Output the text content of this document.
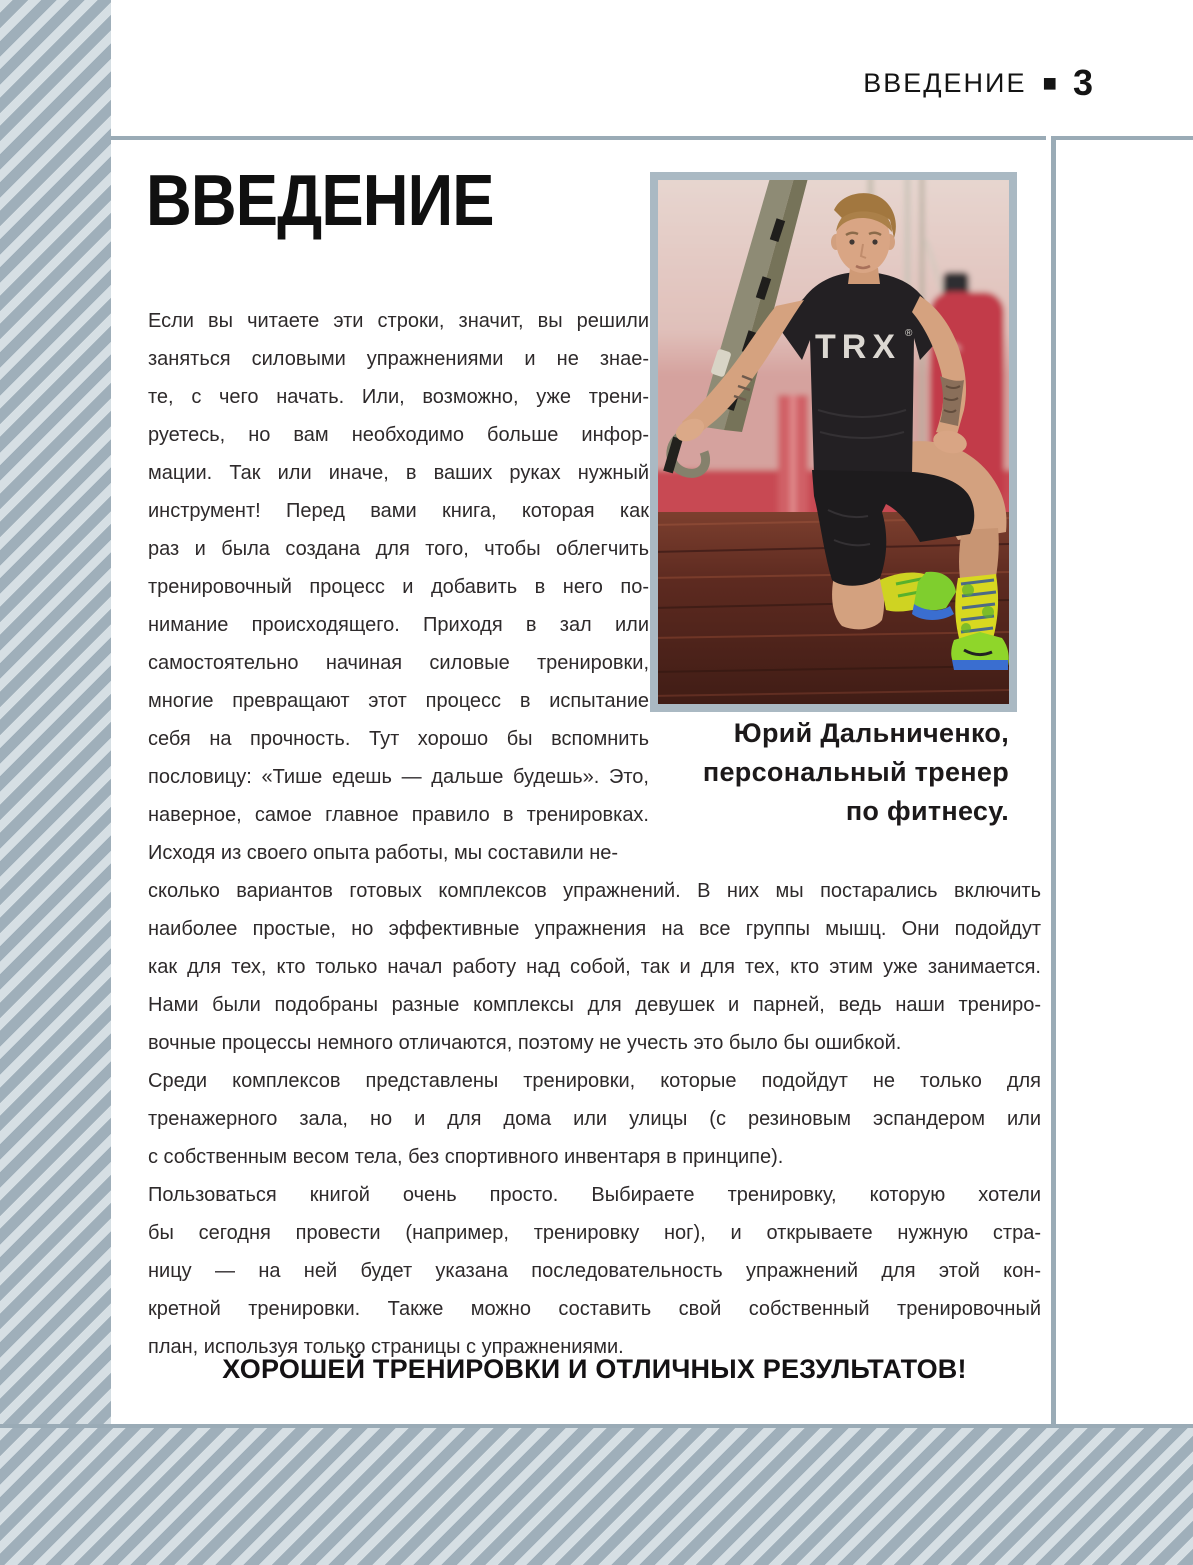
ВВЕДЕНИЕ ■ 3
ВВЕДЕНИЕ
TRX ®
Юрий Дальниченко,
персональный тренер
по фитнесу.
Если вы читаете эти строки, значит, вы решили
заняться силовыми упражнениями и не знае-
те, с чего начать. Или, возможно, уже трени-
руетесь, но вам необходимо больше инфор-
мации. Так или иначе, в ваших руках нужный
инструмент! Перед вами книга, которая как
раз и была создана для того, чтобы облегчить
тренировочный процесс и добавить в него по-
нимание происходящего. Приходя в зал или
самостоятельно начиная силовые тренировки,
многие превращают этот процесс в испытание
себя на прочность. Тут хорошо бы вспомнить
пословицу: «Тише едешь — дальше будешь». Это,
наверное, самое главное правило в тренировках.
Исходя из своего опыта работы, мы составили не-
сколько вариантов готовых комплексов упражнений. В них мы постарались включить
наиболее простые, но эффективные упражнения на все группы мышц. Они подойдут
как для тех, кто только начал работу над собой, так и для тех, кто этим уже занимается.
Нами были подобраны разные комплексы для девушек и парней, ведь наши трениро-
вочные процессы немного отличаются, поэтому не учесть это было бы ошибкой.
Среди комплексов представлены тренировки, которые подойдут не только для
тренажерного зала, но и для дома или улицы (с резиновым эспандером или
с собственным весом тела, без спортивного инвентаря в принципе).
Пользоваться книгой очень просто. Выбираете тренировку, которую хотели
бы сегодня провести (например, тренировку ног), и открываете нужную стра-
ницу — на ней будет указана последовательность упражнений для этой кон-
кретной тренировки. Также можно составить свой собственный тренировочный
план, используя только страницы с упражнениями.
ХОРОШЕЙ ТРЕНИРОВКИ И ОТЛИЧНЫХ РЕЗУЛЬТАТОВ!
